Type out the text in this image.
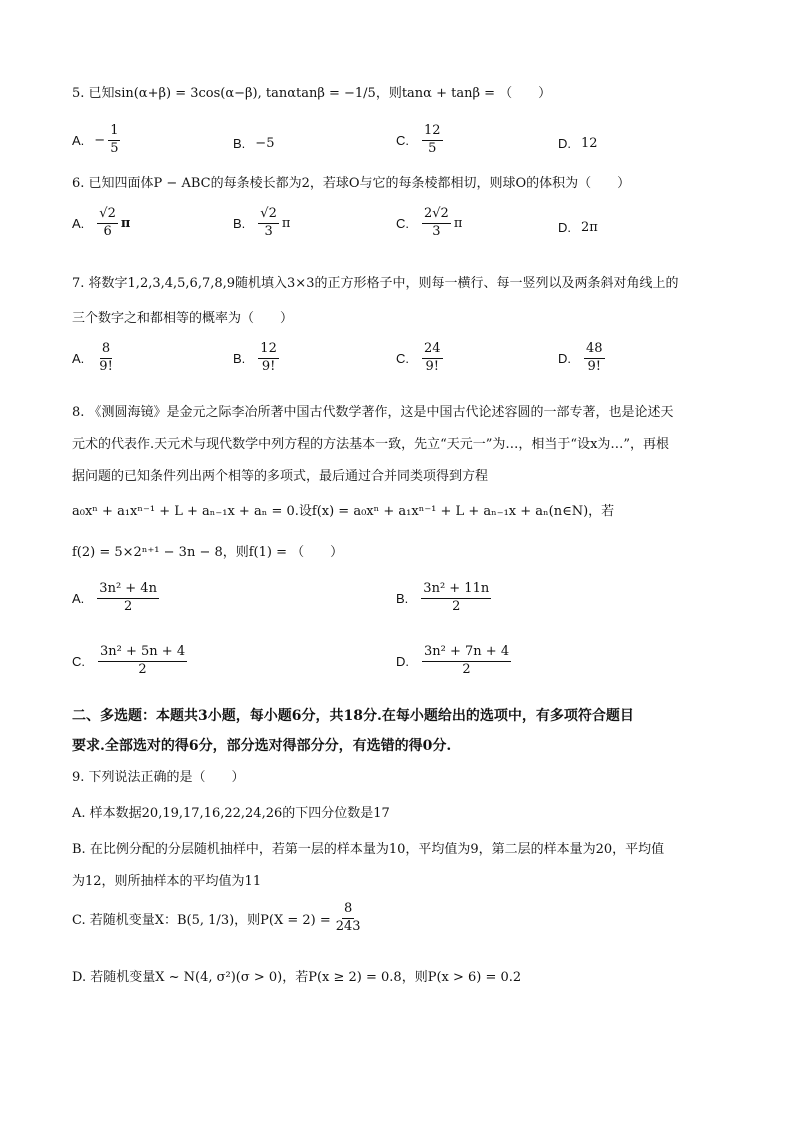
5. 已知sin(α+β) = 3cos(α−β), tanαtanβ = −1/5，则tanα + tanβ = （　　）
A. − $\frac{1}{5}$	B. −5	C. $\frac{12}{5}$	D. 12
6. 已知四面体P − ABC的每条棱长都为2，若球O与它的每条棱都相切，则球O的体积为（　　）
A. $\frac{√2}{6}$ π	B. $\frac{√2}{3}$ π	C. $\frac{2√2}{3}$ π	D. 2π
7. 将数字1,2,3,4,5,6,7,8,9随机填入3×3的正方形格子中，则每一横行、每一竖列以及两条斜对角线上的
三个数字之和都相等的概率为（　　）
A. $\frac{8}{9!}$	B. $\frac{12}{9!}$	C. $\frac{24}{9!}$	D. $\frac{48}{9!}$
8. 《测圆海镜》是金元之际李冶所著中国古代数学著作，这是中国古代论述容圆的一部专著，也是论述天
元术的代表作.天元术与现代数学中列方程的方法基本一致，先立“天元一”为…，相当于“设x为…”，再根
据问题的已知条件列出两个相等的多项式，最后通过合并同类项得到方程
a₀xⁿ + a₁xⁿ⁻¹ + L + aₙ₋₁x + aₙ = 0.设f(x) = a₀xⁿ + a₁xⁿ⁻¹ + L + aₙ₋₁x + aₙ(n∈N)，若
f(2) = 5×2ⁿ⁺¹ − 3n − 8，则f(1) = （　　）
A. $\frac{\text{3n² + 4n}}{2}$	B. $\frac{\text{3n² + 11n}}{2}$
C. $\frac{\text{3n² + 5n + 4}}{2}$	D. $\frac{\text{3n² + 7n + 4}}{2}$
二、多选题：本题共3小题，每小题6分，共18分.在每小题给出的选项中，有多项符合题目
要求.全部选对的得6分，部分选对得部分分，有选错的得0分.
9. 下列说法正确的是（　　）
A. 样本数据20,19,17,16,22,24,26的下四分位数是17
B. 在比例分配的分层随机抽样中，若第一层的样本量为10，平均值为9，第二层的样本量为20，平均值
为12，则所抽样本的平均值为11
C. 若随机变量X：B(5, 1/3)，则$P(X = 2) = \frac{8}{243}$
D. 若随机变量X ~ N(4, σ²)(σ > 0)，若P(x ≥ 2) = 0.8，则P(x > 6) = 0.2
